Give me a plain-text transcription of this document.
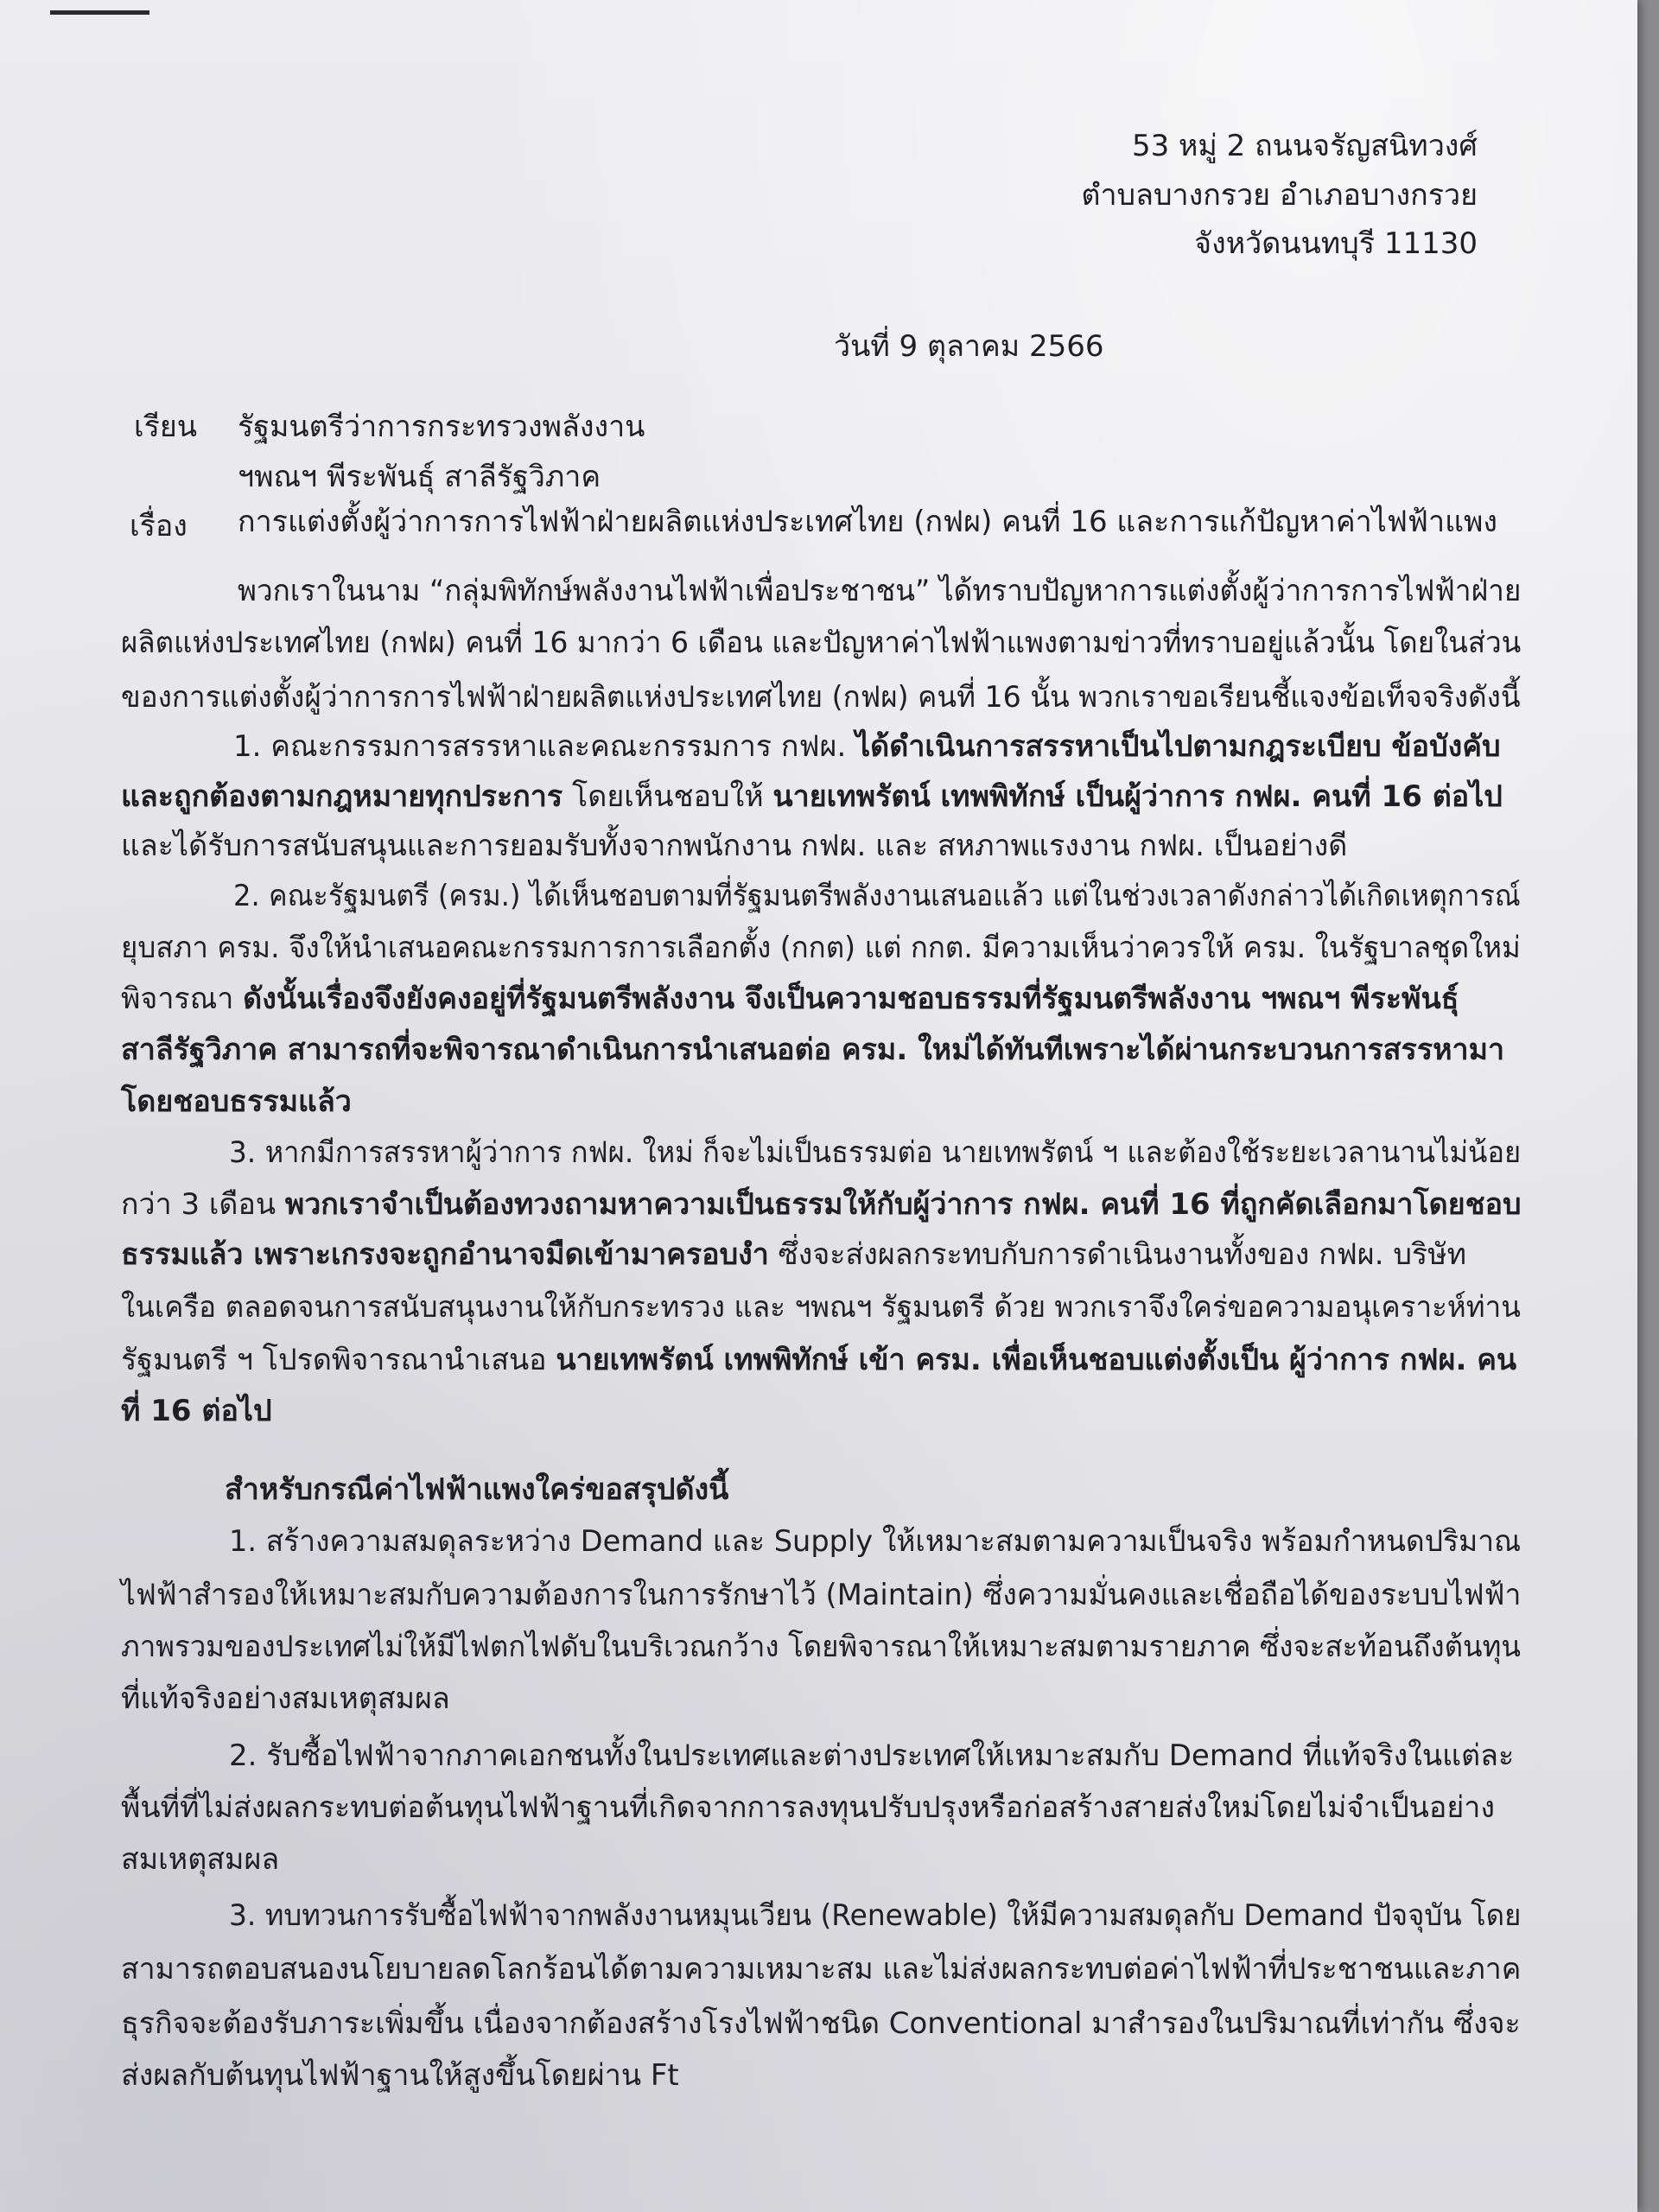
53 หมู่ 2 ถนนจรัญสนิทวงศ์
ตำบลบางกรวย อำเภอบางกรวย
จังหวัดนนทบุรี 11130
วันที่ 9 ตุลาคม 2566
เรียน รัฐมนตรีว่าการกระทรวงพลังงาน
ฯพณฯ พีระพันธุ์ สาลีรัฐวิภาค
เรื่อง การแต่งตั้งผู้ว่าการการไฟฟ้าฝ่ายผลิตแห่งประเทศไทย (กฟผ) คนที่ 16 และการแก้ปัญหาค่าไฟฟ้าแพง
พวกเราในนาม “กลุ่มพิทักษ์พลังงานไฟฟ้าเพื่อประชาชน” ได้ทราบปัญหาการแต่งตั้งผู้ว่าการการไฟฟ้าฝ่าย
ผลิตแห่งประเทศไทย (กฟผ) คนที่ 16 มากว่า 6 เดือน และปัญหาค่าไฟฟ้าแพงตามข่าวที่ทราบอยู่แล้วนั้น โดยในส่วน
ของการแต่งตั้งผู้ว่าการการไฟฟ้าฝ่ายผลิตแห่งประเทศไทย (กฟผ) คนที่ 16 นั้น พวกเราขอเรียนชี้แจงข้อเท็จจริงดังนี้
1. คณะกรรมการสรรหาและคณะกรรมการ กฟผ. ได้ดำเนินการสรรหาเป็นไปตามกฎระเบียบ ข้อบังคับ
และถูกต้องตามกฎหมายทุกประการ โดยเห็นชอบให้ นายเทพรัตน์ เทพพิทักษ์ เป็นผู้ว่าการ กฟผ. คนที่ 16 ต่อไป
และได้รับการสนับสนุนและการยอมรับทั้งจากพนักงาน กฟผ. และ สหภาพแรงงาน กฟผ. เป็นอย่างดี
2. คณะรัฐมนตรี (ครม.) ได้เห็นชอบตามที่รัฐมนตรีพลังงานเสนอแล้ว แต่ในช่วงเวลาดังกล่าวได้เกิดเหตุการณ์
ยุบสภา ครม. จึงให้นำเสนอคณะกรรมการการเลือกตั้ง (กกต) แต่ กกต. มีความเห็นว่าควรให้ ครม. ในรัฐบาลชุดใหม่
พิจารณา ดังนั้นเรื่องจึงยังคงอยู่ที่รัฐมนตรีพลังงาน จึงเป็นความชอบธรรมที่รัฐมนตรีพลังงาน ฯพณฯ พีระพันธุ์
สาลีรัฐวิภาค สามารถที่จะพิจารณาดำเนินการนำเสนอต่อ ครม. ใหม่ได้ทันทีเพราะได้ผ่านกระบวนการสรรหามา
โดยชอบธรรมแล้ว
3. หากมีการสรรหาผู้ว่าการ กฟผ. ใหม่ ก็จะไม่เป็นธรรมต่อ นายเทพรัตน์ ฯ และต้องใช้ระยะเวลานานไม่น้อย
กว่า 3 เดือน พวกเราจำเป็นต้องทวงถามหาความเป็นธรรมให้กับผู้ว่าการ กฟผ. คนที่ 16 ที่ถูกคัดเลือกมาโดยชอบ
ธรรมแล้ว เพราะเกรงจะถูกอำนาจมืดเข้ามาครอบงำ ซึ่งจะส่งผลกระทบกับการดำเนินงานทั้งของ กฟผ. บริษัท
ในเครือ ตลอดจนการสนับสนุนงานให้กับกระทรวง และ ฯพณฯ รัฐมนตรี ด้วย พวกเราจึงใคร่ขอความอนุเคราะห์ท่าน
รัฐมนตรี ฯ โปรดพิจารณานำเสนอ นายเทพรัตน์ เทพพิทักษ์ เข้า ครม. เพื่อเห็นชอบแต่งตั้งเป็น ผู้ว่าการ กฟผ. คน
ที่ 16 ต่อไป
สำหรับกรณีค่าไฟฟ้าแพงใคร่ขอสรุปดังนี้
1. สร้างความสมดุลระหว่าง Demand และ Supply ให้เหมาะสมตามความเป็นจริง พร้อมกำหนดปริมาณ
ไฟฟ้าสำรองให้เหมาะสมกับความต้องการในการรักษาไว้ (Maintain) ซึ่งความมั่นคงและเชื่อถือได้ของระบบไฟฟ้า
ภาพรวมของประเทศไม่ให้มีไฟตกไฟดับในบริเวณกว้าง โดยพิจารณาให้เหมาะสมตามรายภาค ซึ่งจะสะท้อนถึงต้นทุน
ที่แท้จริงอย่างสมเหตุสมผล
2. รับซื้อไฟฟ้าจากภาคเอกชนทั้งในประเทศและต่างประเทศให้เหมาะสมกับ Demand ที่แท้จริงในแต่ละ
พื้นที่ที่ไม่ส่งผลกระทบต่อต้นทุนไฟฟ้าฐานที่เกิดจากการลงทุนปรับปรุงหรือก่อสร้างสายส่งใหม่โดยไม่จำเป็นอย่าง
สมเหตุสมผล
3. ทบทวนการรับซื้อไฟฟ้าจากพลังงานหมุนเวียน (Renewable) ให้มีความสมดุลกับ Demand ปัจจุบัน โดย
สามารถตอบสนองนโยบายลดโลกร้อนได้ตามความเหมาะสม และไม่ส่งผลกระทบต่อค่าไฟฟ้าที่ประชาชนและภาค
ธุรกิจจะต้องรับภาระเพิ่มขึ้น เนื่องจากต้องสร้างโรงไฟฟ้าชนิด Conventional มาสำรองในปริมาณที่เท่ากัน ซึ่งจะ
ส่งผลกับต้นทุนไฟฟ้าฐานให้สูงขึ้นโดยผ่าน Ft
